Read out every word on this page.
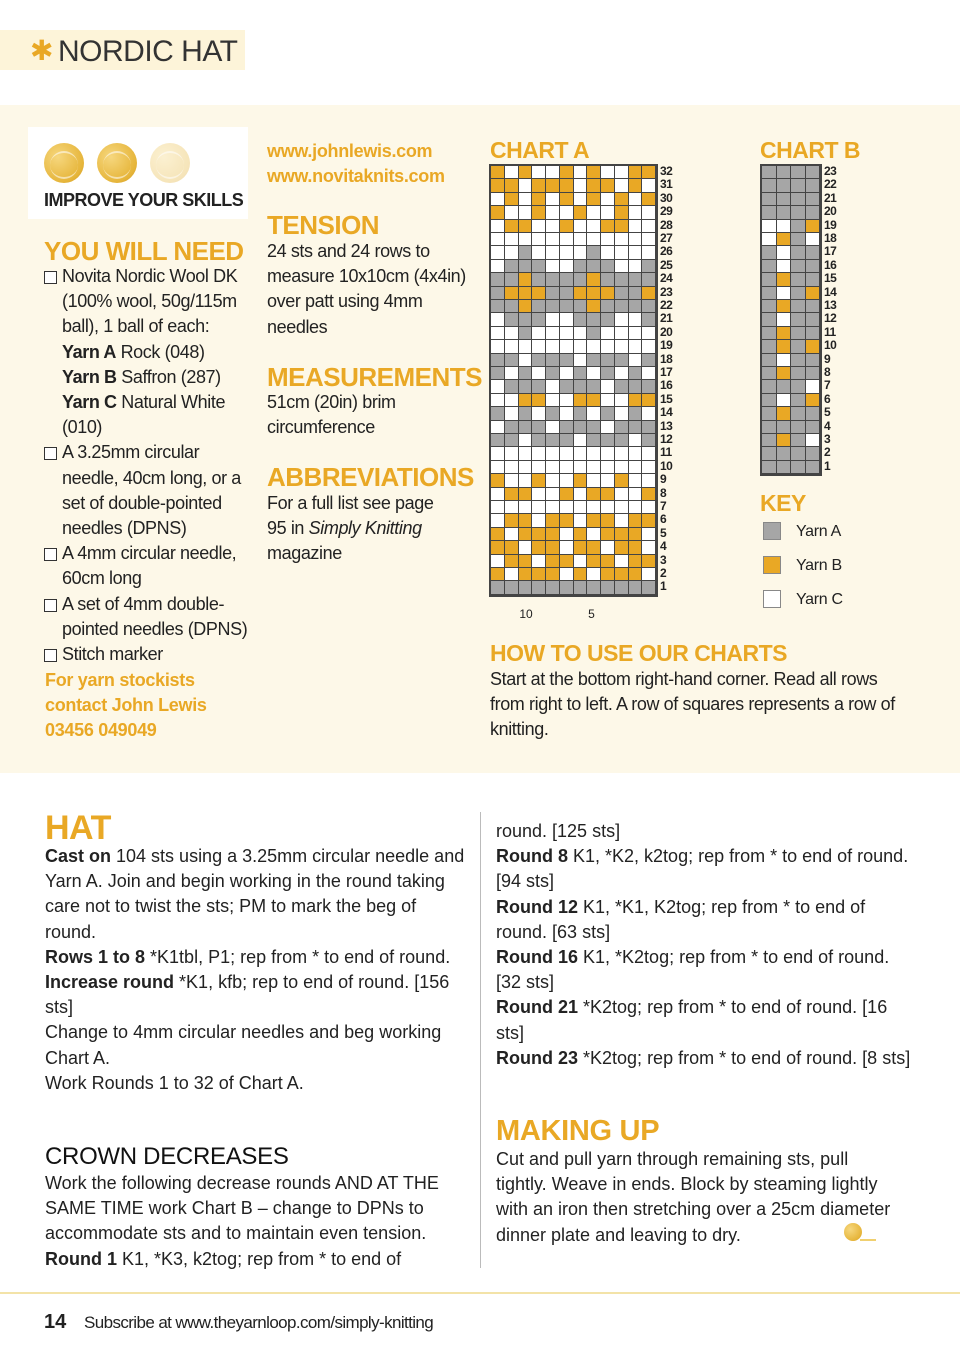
✱ NORDIC HAT
IMPROVE YOUR SKILLS
YOU WILL NEED
Novita Nordic Wool DK (100% wool, 50g/115m ball), 1 ball of each:
Yarn A Rock (048)
Yarn B Saffron (287)
Yarn C Natural White (010)
A 3.25mm circular needle, 40cm long, or a set of double-pointed needles (DPNS)
A 4mm circular needle, 60cm long
A set of 4mm double-pointed needles (DPNS)
Stitch marker
For yarn stockists contact John Lewis 03456 049049
www.johnlewis.com
www.novitaknits.com
TENSION
24 sts and 24 rows to measure 10x10cm (4x4in) over patt using 4mm needles
MEASUREMENTS
51cm (20in) brim circumference
ABBREVIATIONS
For a full list see page 95 in Simply Knitting magazine
CHART A
32
31
30
29
28
27
26
25
24
23
22
21
20
19
18
17
16
15
14
13
12
11
10
9
8
7
6
5
4
3
2
1
10	5
CHART B
23
22
21
20
19
18
17
16
15
14
13
12
11
10
9
8
7
6
5
4
3
2
1
KEY
Yarn A
Yarn B
Yarn C
HOW TO USE OUR CHARTS
Start at the bottom right-hand corner. Read all rows from right to left. A row of squares represents a row of knitting.
HAT

Cast on 104 sts using a 3.25mm circular needle and Yarn A. Join and begin working in the round taking care not to twist the sts; PM to mark the beg of round.

Rows 1 to 8 *K1tbl, P1; rep from * to end of round.

Increase round *K1, kfb; rep to end of round. [156 sts]

Change to 4mm circular needles and beg working Chart A.

Work Rounds 1 to 32 of Chart A.

CROWN DECREASES

Work the following decrease rounds AND AT THE SAME TIME work Chart B – change to DPNs to accommodate sts and to maintain even tension.

Round 1 K1, *K3, k2tog; rep from * to end of

round. [125 sts]

Round 8 K1, *K2, k2tog; rep from * to end of round. [94 sts]

Round 12 K1, *K1, K2tog; rep from * to end of round. [63 sts]

Round 16 K1, *K2tog; rep from * to end of round. [32 sts]

Round 21 *K2tog; rep from * to end of round. [16 sts]

Round 23 *K2tog; rep from * to end of round. [8 sts]

MAKING UP
Cut and pull yarn through remaining sts, pull tightly. Weave in ends. Block by steaming lightly with an iron then stretching over a 25cm diameter dinner plate and leaving to dry.
14 Subscribe at www.theyarnloop.com/simply-knitting
